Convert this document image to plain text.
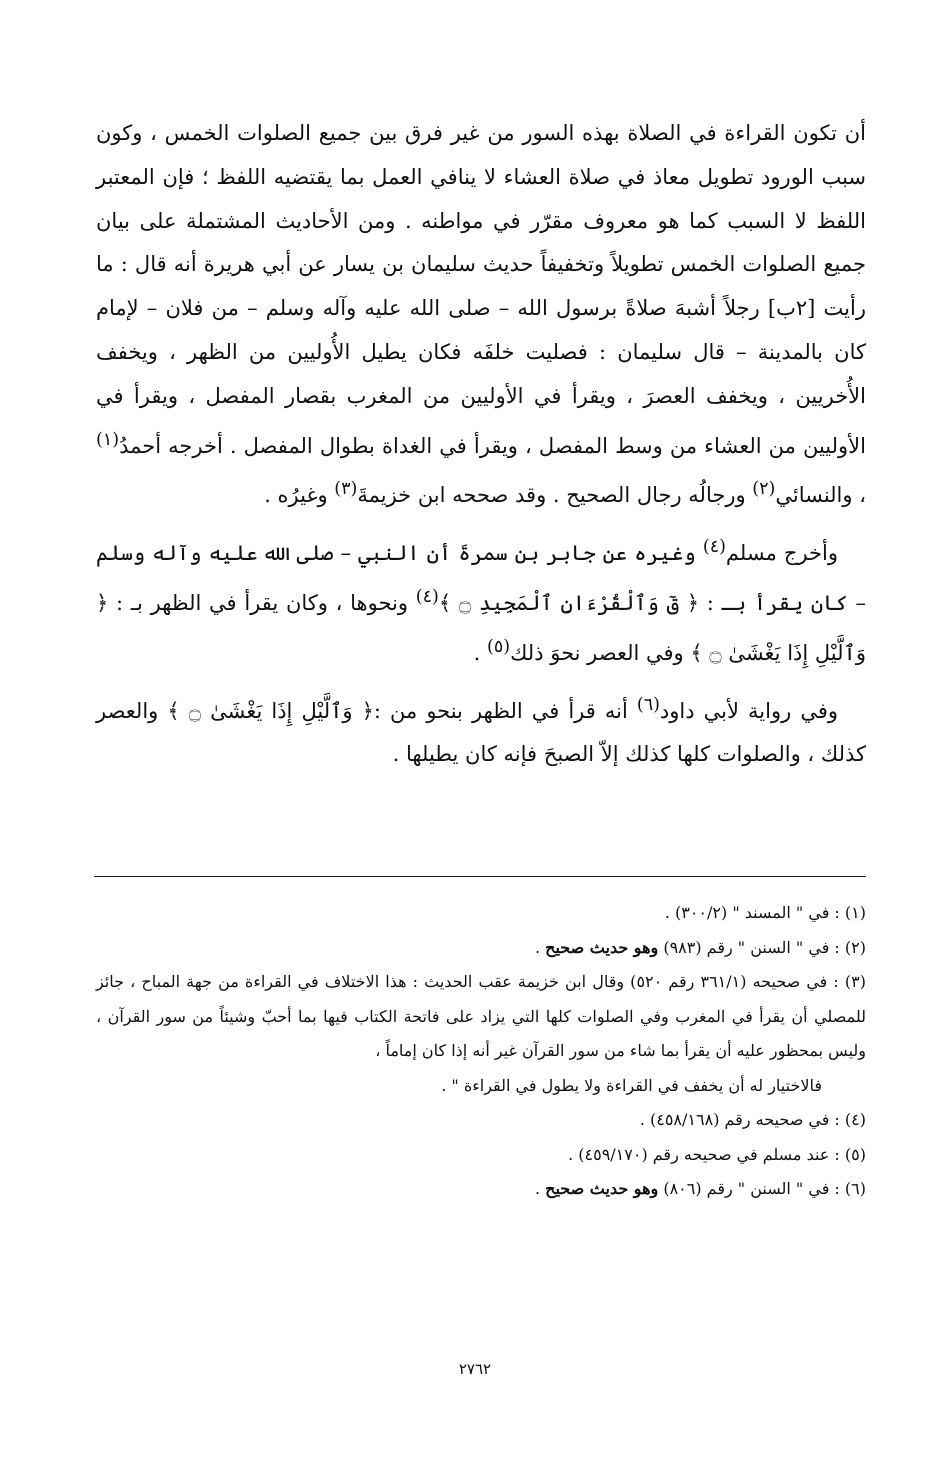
أن تكون القراءة في الصلاة بهذه السور من غير فرق بين جميع الصلوات الخمس ، وكون سبب الورود تطويل معاذ في صلاة العشاء لا ينافي العمل بما يقتضيه اللفظ ؛ فإن المعتبر اللفظ لا السبب كما هو معروف مقرّر في مواطنه . ومن الأحاديث المشتملة على بيان جميع الصلوات الخمس تطويلاً وتخفيفاً حديث سليمان بن يسار عن أبي هريرة أنه قال : ما رأيت [٢ب] رجلاً أشبهَ صلاةً برسول الله – صلى الله عليه وآله وسلم – من فلان – لإمام كان بالمدينة – قال سليمان : فصليت خلفَه فكان يطيل الأُوليين من الظهر ، ويخفف الأُخريين ، ويخفف العصرَ ، ويقرأ في الأوليين من المغرب بقصار المفصل ، ويقرأ في الأوليين من العشاء من وسط المفصل ، ويقرأ في الغداة بطوال المفصل . أخرجه أحمدُ$^{(١)}$ ، والنسائي$^{(٢)}$ ورجالُه رجال الصحيح . وقد صححه ابن خزيمةَ$^{(٣)}$ وغيرُه .

وأخرج مسلم$^{(٤)}$ وغيره عن جابر بن سمرةَ أن النبي – صلى الله عليه وآله وسلم – كان يقرأ بـ : ﴿ قٓ وَٱلْقُرْءَانِ ٱلْمَجِيدِ ۝ ﴾$^{(٤)}$ ونحوها ، وكان يقرأ في الظهر بـ : ﴿ وَٱلَّيْلِ إِذَا يَغْشَىٰ ۝ ﴾ وفي العصر نحوَ ذلك$^{(٥)}$ .

وفي رواية لأبي داود$^{(٦)}$ أنه قرأ في الظهر بنحو من :﴿ وَٱلَّيْلِ إِذَا يَغْشَىٰ ۝ ﴾ والعصر كذلك ، والصلوات كلها كذلك إلاّ الصبحَ فإنه كان يطيلها .

(١) : في " المسند " (٣٠٠/٢) .

(٢) : في " السنن " رقم (٩٨٣) وهو حديث صحيح .

(٣) : في صحيحه (٣٦١/١ رقم ٥٢٠) وقال ابن خزيمة عقب الحديث : هذا الاختلاف في القراءة من جهة المباح ، جائز للمصلي أن يقرأ في المغرب وفي الصلوات كلها التي يزاد على فاتحة الكتاب فيها بما أحبّ وشيئاً من سور القرآن ، وليس بمحظور عليه أن يقرأ بما شاء من سور القرآن غير أنه إذا كان إماماً ،

فالاختيار له أن يخفف في القراءة ولا يطول في القراءة " .

(٤) : في صحيحه رقم (٤٥٨/١٦٨) .

(٥) : عند مسلم في صحيحه رقم (٤٥٩/١٧٠) .

(٦) : في " السنن " رقم (٨٠٦) وهو حديث صحيح .

٢٧٦٢
